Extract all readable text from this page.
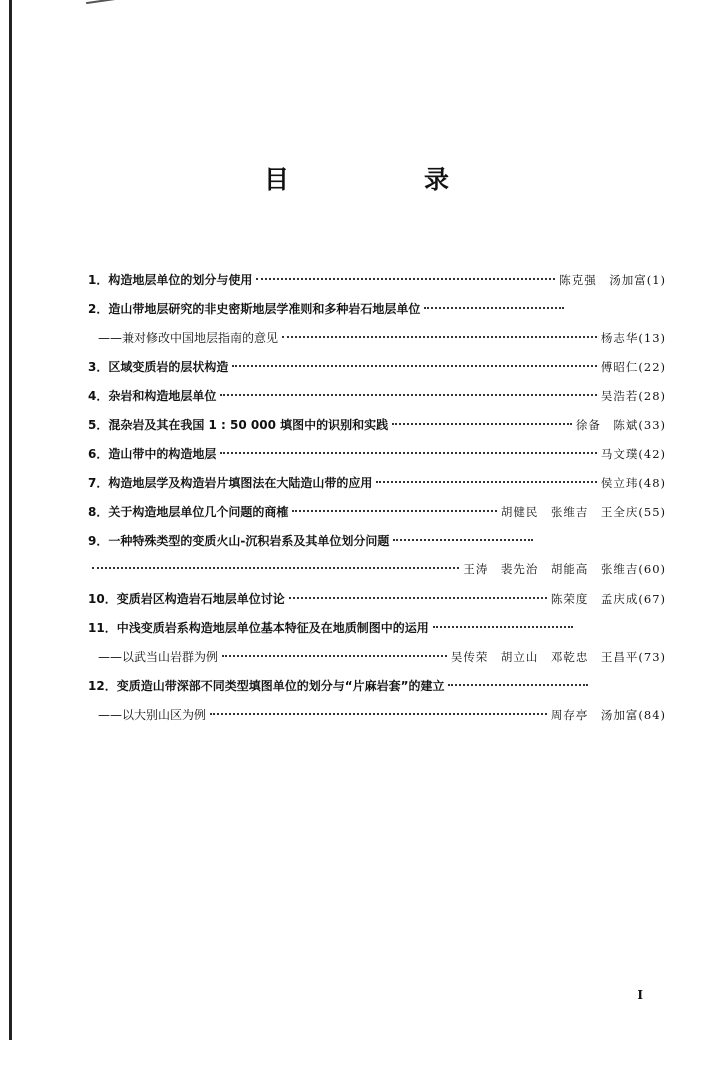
目　录
1．构造地层单位的划分与使用	陈克强　汤加富 (1)
2．造山带地层研究的非史密斯地层学准则和多种岩石地层单位
——兼对修改中国地层指南的意见	杨志华 (13)
3．区域变质岩的层状构造	傅昭仁 (22)
4．杂岩和构造地层单位	吴浩若 (28)
5．混杂岩及其在我国 1 : 50 000 填图中的识别和实践	徐备　陈斌 (33)
6．造山带中的构造地层	马文璞 (42)
7．构造地层学及构造岩片填图法在大陆造山带的应用	侯立玮 (48)
8．关于构造地层单位几个问题的商榷	胡健民　张维吉　王全庆 (55)
9．一种特殊类型的变质火山-沉积岩系及其单位划分问题
王涛　裴先治　胡能高　张维吉 (60)
10．变质岩区构造岩石地层单位讨论	陈荣度　孟庆成 (67)
11．中浅变质岩系构造地层单位基本特征及在地质制图中的运用
——以武当山岩群为例	吴传荣　胡立山　邓乾忠　王昌平 (73)
12．变质造山带深部不同类型填图单位的划分与“片麻岩套”的建立
——以大别山区为例	周存亭　汤加富 (84)
I
